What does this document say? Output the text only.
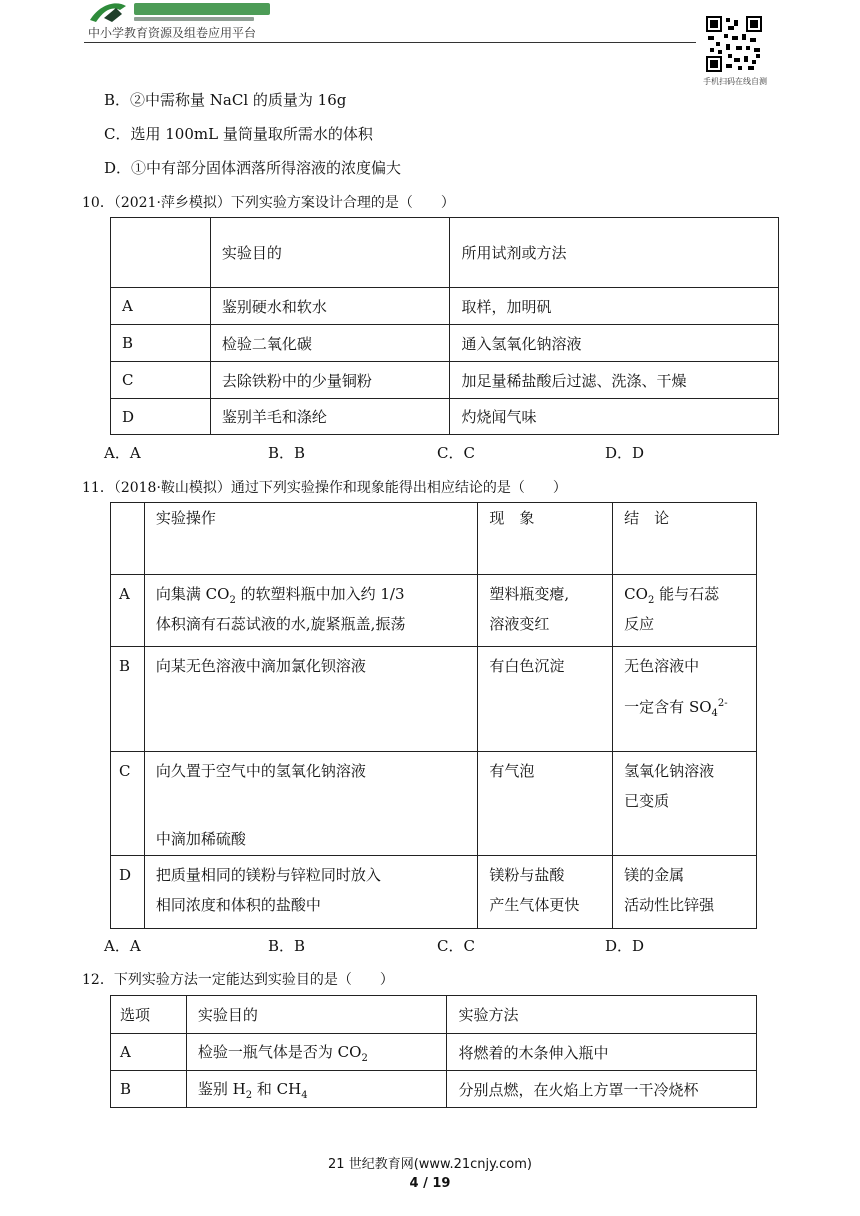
中小学教育资源及组卷应用平台
手机扫码在线自测
B．②中需称量 NaCl 的质量为 16g
C．选用 100mL 量筒量取所需水的体积
D．①中有部分固体洒落所得溶液的浓度偏大
10．（2021·萍乡模拟）下列实验方案设计合理的是（　　）
	实验目的	所用试剂或方法
A	鉴别硬水和软水	取样，加明矾
B	检验二氧化碳	通入氢氧化钠溶液
C	去除铁粉中的少量铜粉	加足量稀盐酸后过滤、洗涤、干燥
D	鉴别羊毛和涤纶	灼烧闻气味
A．A	B．B	C．C	D．D
11．（2018·鞍山模拟）通过下列实验操作和现象能得出相应结论的是（　　）

	实验操作	现　象	结　论

A	向集满 $CO_2$ 的软塑料瓶中加入约 1/3
体积滴有石蕊试液的水,旋紧瓶盖,振荡	塑料瓶变瘪,
溶液变红	$CO_2$ 能与石蕊
反应

B	向某无色溶液中滴加氯化钡溶液	有白色沉淀	无色溶液中
一定含有 $SO_4^{2-}$

C	向久置于空气中的氢氧化钠溶液
中滴加稀硫酸	有气泡	氢氧化钠溶液
已变质

D	把质量相同的镁粉与锌粒同时放入
相同浓度和体积的盐酸中	镁粉与盐酸
产生气体更快	镁的金属
活动性比锌强
A．A	B．B	C．C	D．D
12．下列实验方法一定能达到实验目的是（　　）
选项	实验目的	实验方法
A	检验一瓶气体是否为 $CO_2$	将燃着的木条伸入瓶中
B	鉴别 $H_2$ 和 $CH_4$	分别点燃，在火焰上方罩一干冷烧杯
21 世纪教育网(www.21cnjy.com)
4 / 19
